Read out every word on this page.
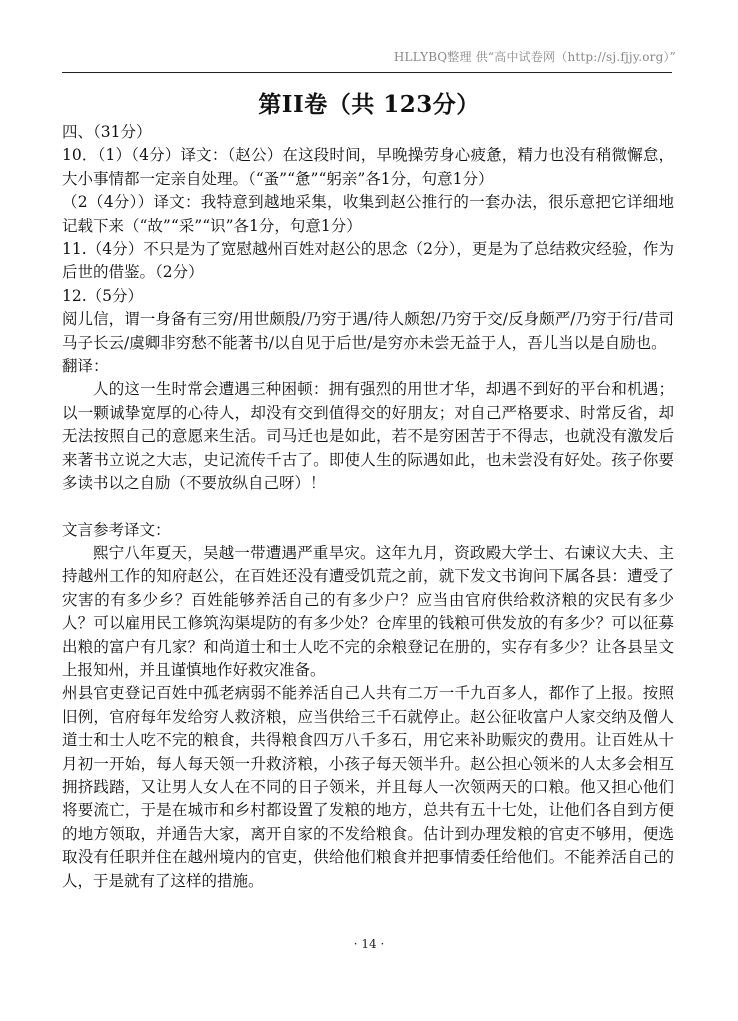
HLLYBQ整理 供“高中试卷网（http://sj.fjjy.org）”
第II卷（共 123分）

四、（31分）

10．（1）（4分）译文：（赵公）在这段时间，早晚操劳身心疲惫，精力也没有稍微懈怠，大小事情都一定亲自处理。（“蚤”“惫”“躬亲”各1分，句意1分）

（2（4分））译文：我特意到越地采集，收集到赵公推行的一套办法，很乐意把它详细地记载下来（“故”“采”“识”各1分，句意1分）

11.（4分）不只是为了宽慰越州百姓对赵公的思念（2分），更是为了总结救灾经验，作为后世的借鉴。（2分）

12.（5分）

阅儿信，谓一身备有三穷/用世颇殷/乃穷于遇/待人颇恕/乃穷于交/反身颇严/乃穷于行/昔司马子长云/虞卿非穷愁不能著书/以自见于后世/是穷亦未尝无益于人，吾儿当以是自励也。

翻译：

人的这一生时常会遭遇三种困顿：拥有强烈的用世才华，却遇不到好的平台和机遇；以一颗诚挚宽厚的心待人，却没有交到值得交的好朋友；对自己严格要求、时常反省，却无法按照自己的意愿来生活。司马迁也是如此，若不是穷困苦于不得志，也就没有激发后来著书立说之大志，史记流传千古了。即使人生的际遇如此，也未尝没有好处。孩子你要多读书以之自励（不要放纵自己呀）！

文言参考译文：

熙宁八年夏天，吴越一带遭遇严重旱灾。这年九月，资政殿大学士、右谏议大夫、主持越州工作的知府赵公，在百姓还没有遭受饥荒之前，就下发文书询问下属各县：遭受了灾害的有多少乡？百姓能够养活自己的有多少户？应当由官府供给救济粮的灾民有多少人？可以雇用民工修筑沟渠堤防的有多少处？仓库里的钱粮可供发放的有多少？可以征募出粮的富户有几家？和尚道士和士人吃不完的余粮登记在册的，实存有多少？让各县呈文上报知州，并且谨慎地作好救灾准备。

州县官吏登记百姓中孤老病弱不能养活自己人共有二万一千九百多人，都作了上报。按照旧例，官府每年发给穷人救济粮，应当供给三千石就停止。赵公征收富户人家交纳及僧人道士和士人吃不完的粮食，共得粮食四万八千多石，用它来补助赈灾的费用。让百姓从十月初一开始，每人每天领一升救济粮，小孩子每天领半升。赵公担心领米的人太多会相互拥挤践踏，又让男人女人在不同的日子领米，并且每人一次领两天的口粮。他又担心他们将要流亡，于是在城市和乡村都设置了发粮的地方，总共有五十七处，让他们各自到方便的地方领取，并通告大家，离开自家的不发给粮食。估计到办理发粮的官吏不够用，便选取没有任职并住在越州境内的官吏，供给他们粮食并把事情委任给他们。不能养活自己的人，于是就有了这样的措施。

· 14 ·
